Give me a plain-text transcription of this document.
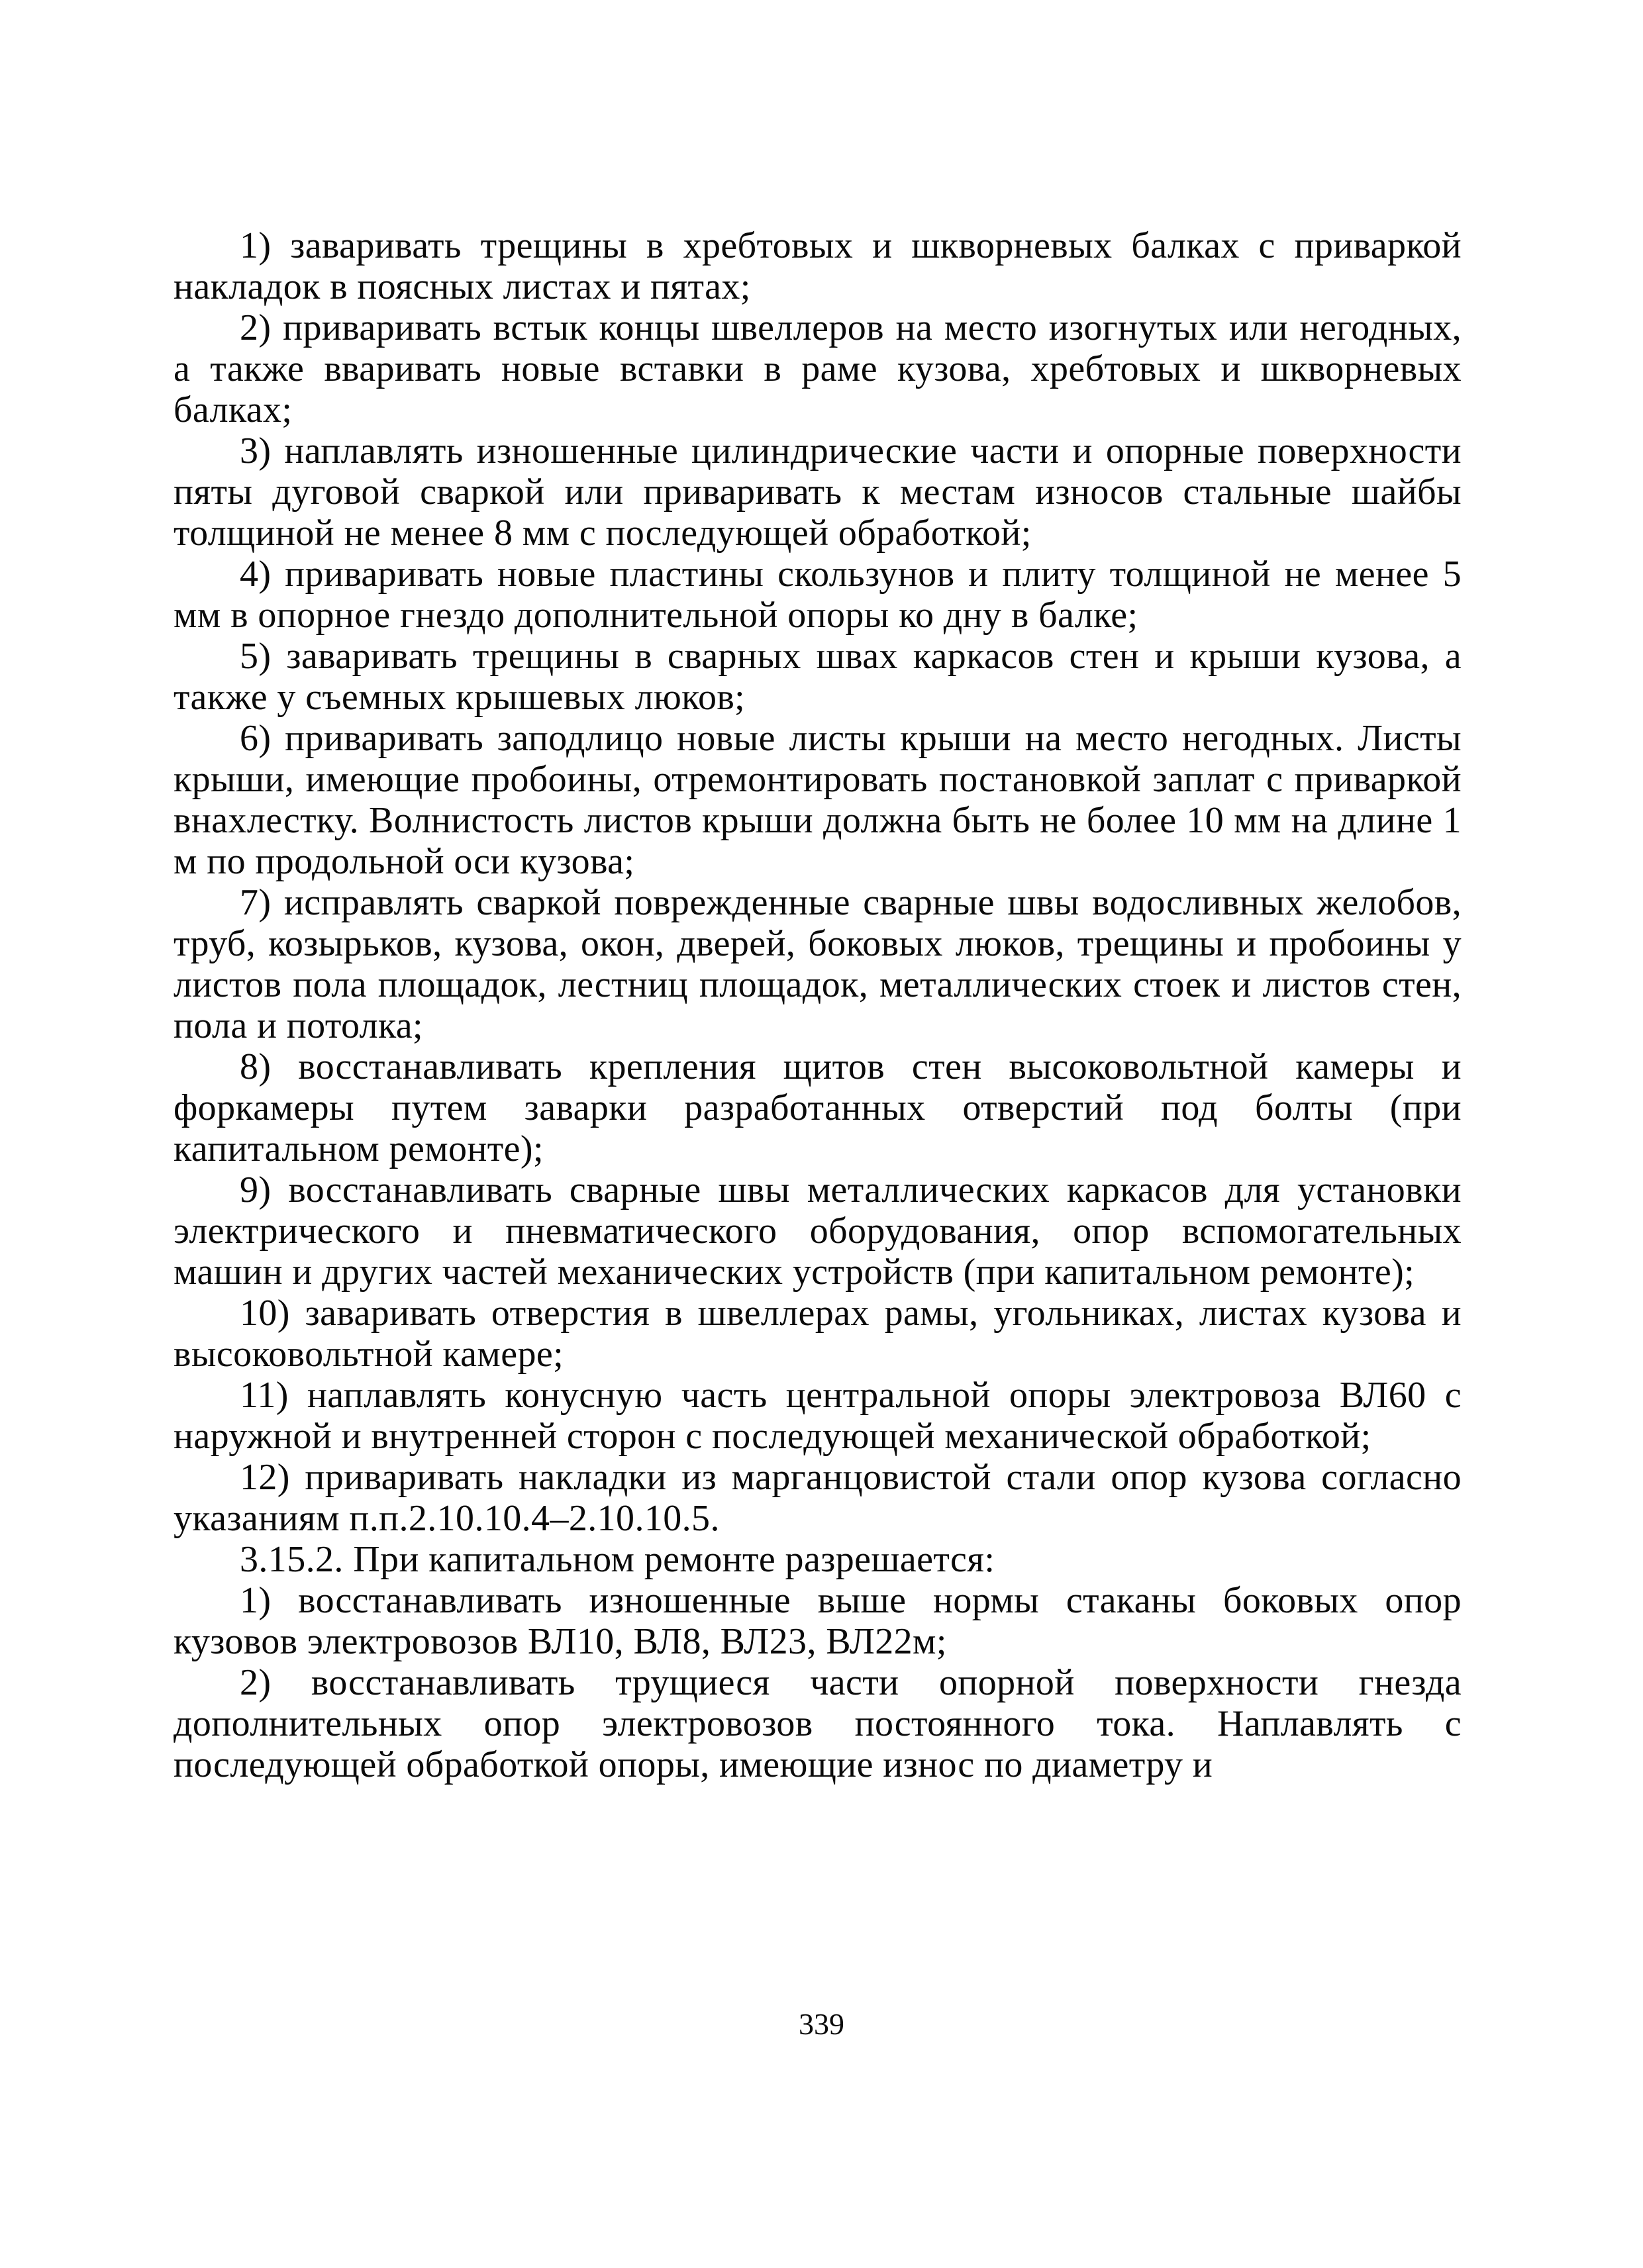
1) заваривать трещины в хребтовых и шкворневых балках с приваркой накладок в поясных листах и пятах;

2) приваривать встык концы швеллеров на место изогнутых или негодных, а также вваривать новые вставки в раме кузова, хребтовых и шкворневых балках;

3) наплавлять изношенные цилиндрические части и опорные поверхности пяты дуговой сваркой или приваривать к местам износов стальные шайбы толщиной не менее 8 мм с последующей обработкой;

4) приваривать новые пластины скользунов и плиту толщиной не менее 5 мм в опорное гнездо дополнительной опоры ко дну в балке;

5) заваривать трещины в сварных швах каркасов стен и крыши кузова, а также у съемных крышевых люков;

6) приваривать заподлицо новые листы крыши на место негодных. Листы крыши, имеющие пробоины, отремонтировать постановкой заплат с приваркой внахлестку. Волнистость листов крыши должна быть не более 10 мм на длине 1 м по продольной оси кузова;

7) исправлять сваркой поврежденные сварные швы водосливных желобов, труб, козырьков, кузова, окон, дверей, боковых люков, трещины и пробоины у листов пола площадок, лестниц площадок, металлических стоек и листов стен, пола и потолка;

8) восстанавливать крепления щитов стен высоковольтной камеры и форкамеры путем заварки разработанных отверстий под болты (при капитальном ремонте);

9) восстанавливать сварные швы металлических каркасов для установки электрического и пневматического оборудования, опор вспомогательных машин и других частей механических устройств (при капитальном ремонте);

10) заваривать отверстия в швеллерах рамы, угольниках, листах кузова и высоковольтной камере;

11) наплавлять конусную часть центральной опоры электровоза ВЛ60 с наружной и внутренней сторон с последующей механической обработкой;

12) приваривать накладки из марганцовистой стали опор кузова согласно указаниям п.п.2.10.10.4–2.10.10.5.

3.15.2. При капитальном ремонте разрешается:

1) восстанавливать изношенные выше нормы стаканы боковых опор кузовов электровозов ВЛ10, ВЛ8, ВЛ23, ВЛ22м;

2) восстанавливать трущиеся части опорной поверхности гнезда дополнительных опор электровозов постоянного тока. Наплавлять с последующей обработкой опоры, имеющие износ по диаметру и

339
